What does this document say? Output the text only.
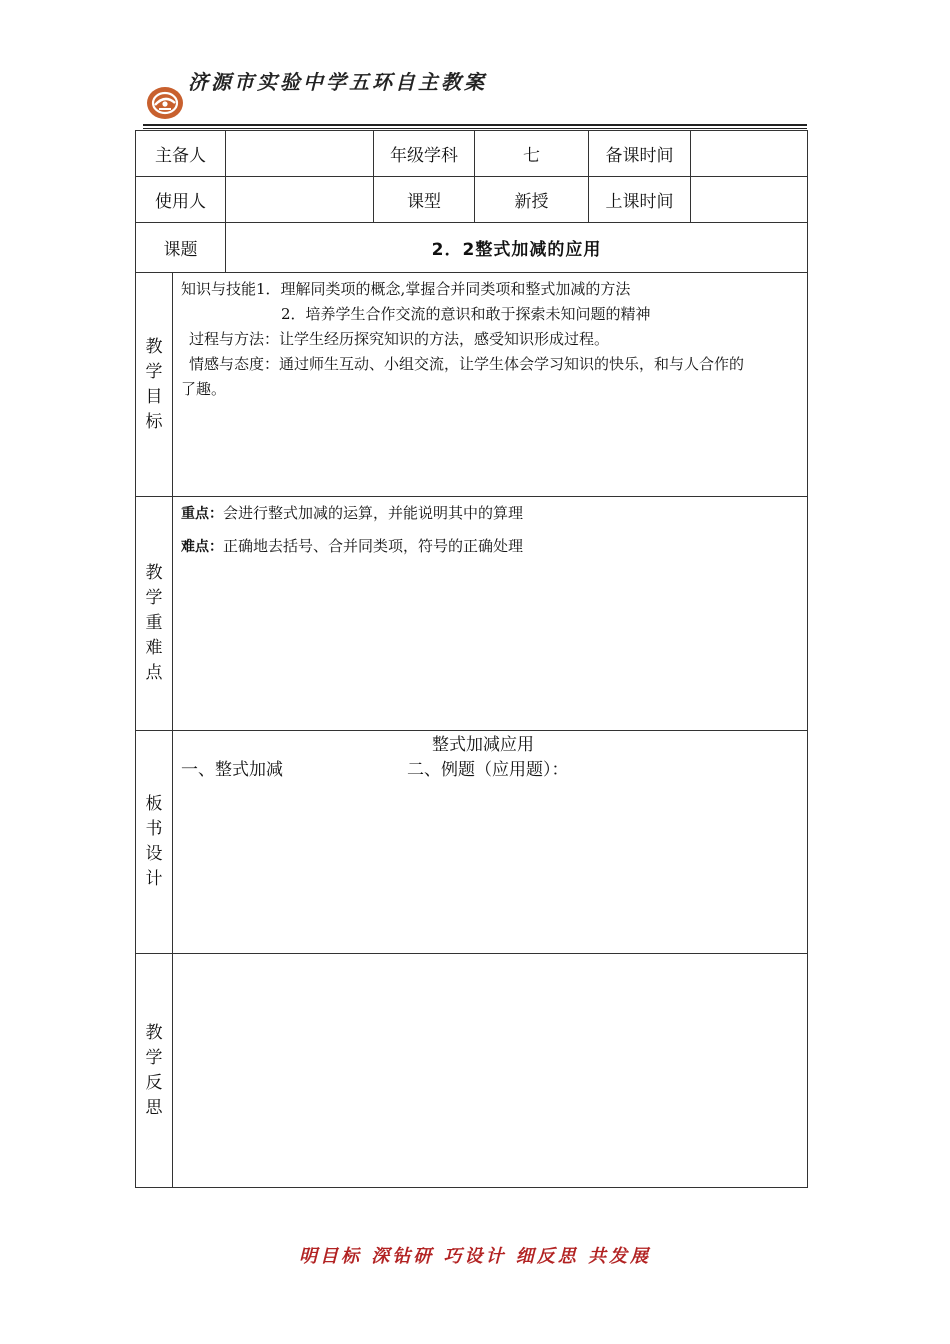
济源市实验中学五环自主教案
主备人			年级学科	七	备课时间	
使用人			课型	新授	上课时间	
课题		2．2整式加减的应用				
教学目标	知识与技能1．理解同类项的概念,掌握合并同类项和整式加减的方法
2．培养学生合作交流的意识和敢于探索未知问题的精神
过程与方法：让学生经历探究知识的方法，感受知识形成过程。
情感与态度：通过师生互动、小组交流，让学生体会学习知识的快乐，和与人合作的
了趣。					

教学重难点	重点：会进行整式加减的运算，并能说明其中的算理
难点：正确地去括号、合并同类项，符号的正确处理					

板书设计	整式加减应用
一、整式加减 二、例题（应用题）：					

教学反思						
明目标 深钻研 巧设计 细反思 共发展
